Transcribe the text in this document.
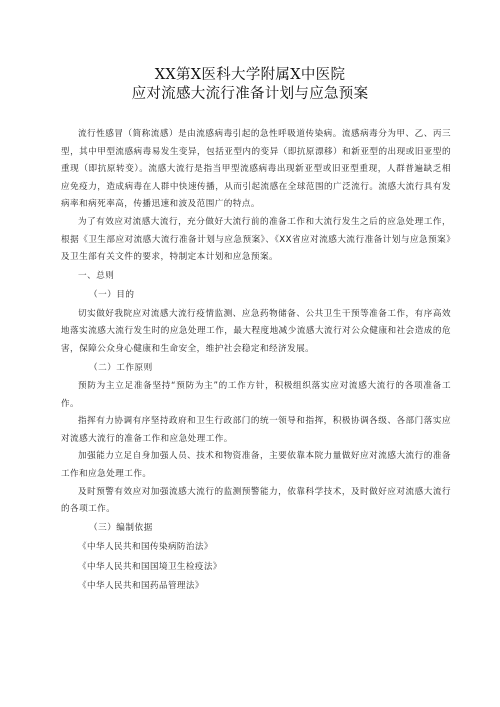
XX第X医科大学附属X中医院
应对流感大流行准备计划与应急预案

流行性感冒（简称流感）是由流感病毒引起的急性呼吸道传染病。流感病毒分为甲、乙、丙三型，其中甲型流感病毒易发生变异，包括亚型内的变异（即抗原漂移）和新亚型的出现或旧亚型的重现（即抗原转变）。流感大流行是指当甲型流感病毒出现新亚型或旧亚型重现，人群普遍缺乏相应免疫力，造成病毒在人群中快速传播，从而引起流感在全球范围的广泛流行。流感大流行具有发病率和病死率高，传播迅速和波及范围广的特点。

为了有效应对流感大流行，充分做好大流行前的准备工作和大流行发生之后的应急处理工作，根据《卫生部应对流感大流行准备计划与应急预案》、《XX省应对流感大流行准备计划与应急预案》及卫生部有关文件的要求，特制定本计划和应急预案。

一、总则

（一）目的

切实做好我院应对流感大流行疫情监测、应急药物储备、公共卫生干预等准备工作，有序高效地落实流感大流行发生时的应急处理工作，最大程度地减少流感大流行对公众健康和社会造成的危害，保障公众身心健康和生命安全，维护社会稳定和经济发展。

（二）工作原则

预防为主立足准备坚持“预防为主”的工作方针，积极组织落实应对流感大流行的各项准备工作。

指挥有力协调有序坚持政府和卫生行政部门的统一领导和指挥，积极协调各级、各部门落实应对流感大流行的准备工作和应急处理工作。

加强能力立足自身加强人员、技术和物资准备，主要依靠本院力量做好应对流感大流行的准备工作和应急处理工作。

及时预警有效应对加强流感大流行的监测预警能力，依靠科学技术，及时做好应对流感大流行的各项工作。

（三）编制依据

《中华人民共和国传染病防治法》

《中华人民共和国国境卫生检疫法》

《中华人民共和国药品管理法》
